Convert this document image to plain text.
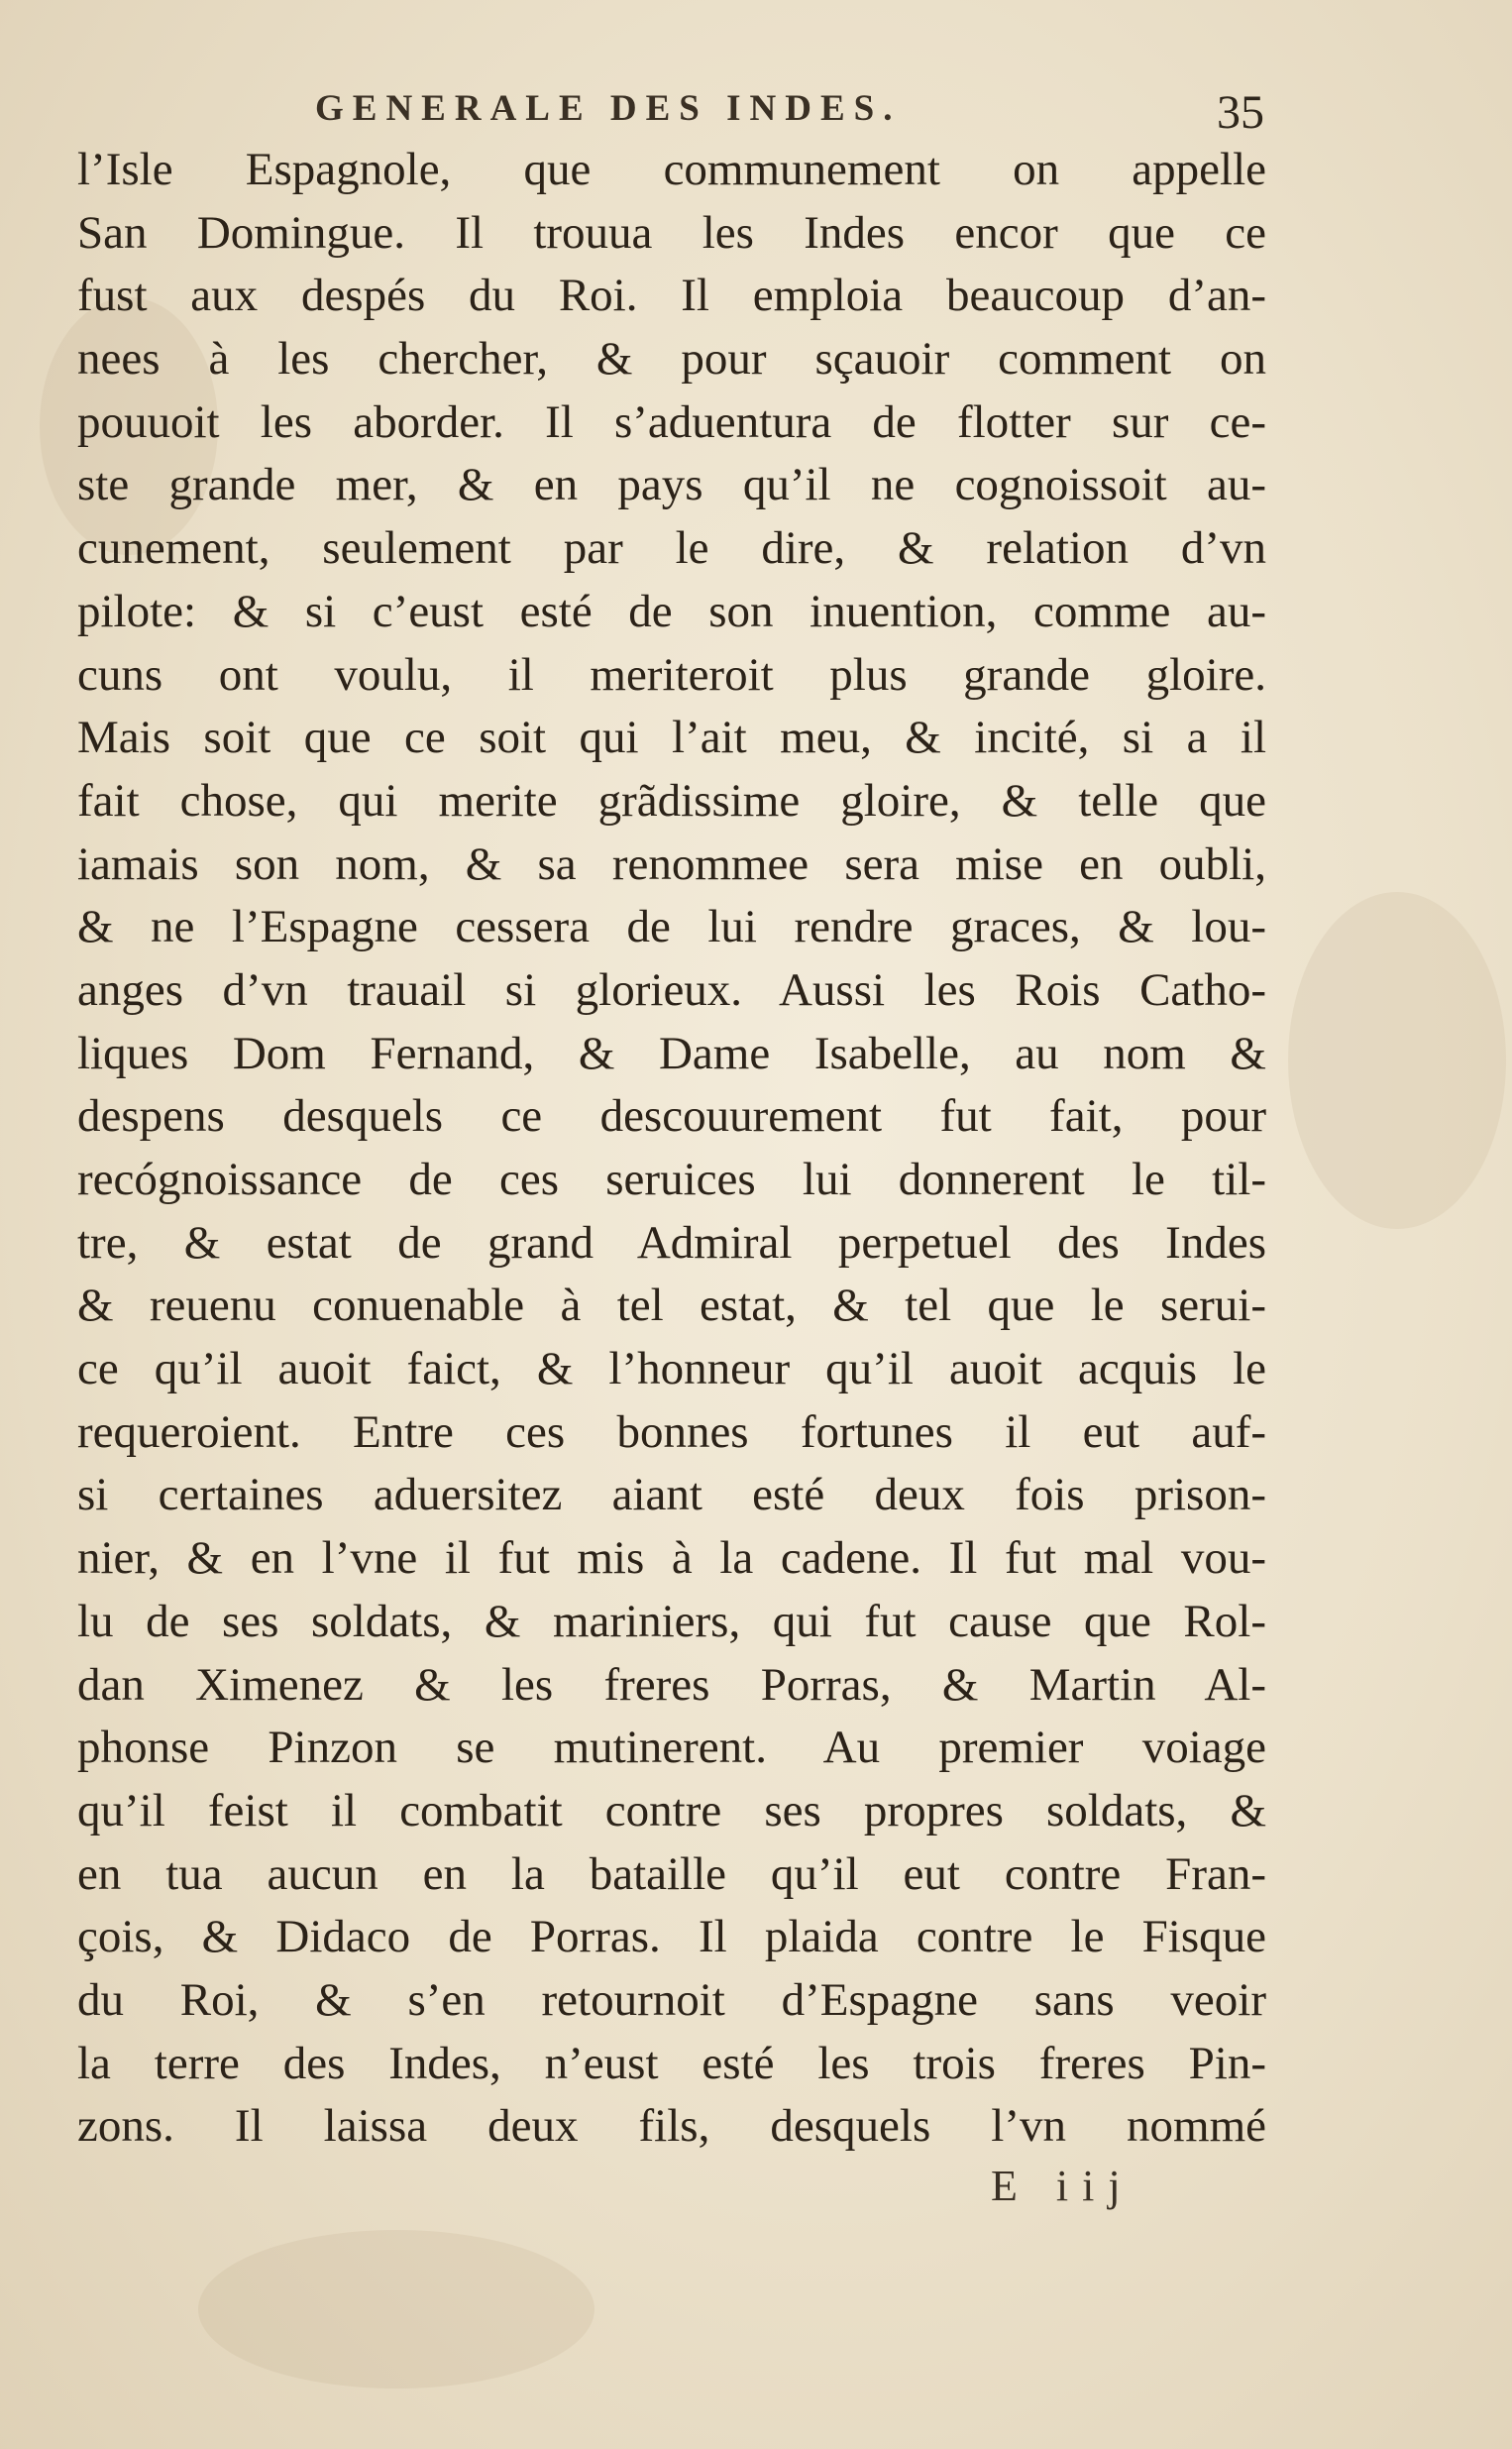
GENERALE DES INDES.	35
l’Isle Espagnole, que communement on appelle
San Domingue. Il trouua les Indes encor que ce
fust aux despés du Roi. Il emploia beaucoup d’an-
nees à les chercher, & pour sçauoir comment on
pouuoit les aborder. Il s’aduentura de flotter sur ce-
ste grande mer, & en pays qu’il ne cognoissoit au-
cunement, seulement par le dire, & relation d’vn
pilote: & si c’eust esté de son inuention, comme au-
cuns ont voulu, il meriteroit plus grande gloire.
Mais soit que ce soit qui l’ait meu, & incité, si a il
fait chose, qui merite grãdissime gloire, & telle que
iamais son nom, & sa renommee sera mise en oubli,
& ne l’Espagne cessera de lui rendre graces, & lou-
anges d’vn trauail si glorieux. Aussi les Rois Catho-
liques Dom Fernand, & Dame Isabelle, au nom &
despens desquels ce descouurement fut fait, pour
recógnoissance de ces seruices lui donnerent le til-
tre, & estat de grand Admiral perpetuel des Indes
& reuenu conuenable à tel estat, & tel que le serui-
ce qu’il auoit faict, & l’honneur qu’il auoit acquis le
requeroient. Entre ces bonnes fortunes il eut auf-
si certaines aduersitez aiant esté deux fois prison-
nier, & en l’vne il fut mis à la cadene. Il fut mal vou-
lu de ses soldats, & mariniers, qui fut cause que Rol-
dan Ximenez & les freres Porras, & Martin Al-
phonse Pinzon se mutinerent. Au premier voiage
qu’il feist il combatit contre ses propres soldats, &
en tua aucun en la bataille qu’il eut contre Fran-
çois, & Didaco de Porras. Il plaida contre le Fisque
du Roi, & s’en retournoit d’Espagne sans veoir
la terre des Indes, n’eust esté les trois freres Pin-
zons. Il laissa deux fils, desquels l’vn nommé
E iij
